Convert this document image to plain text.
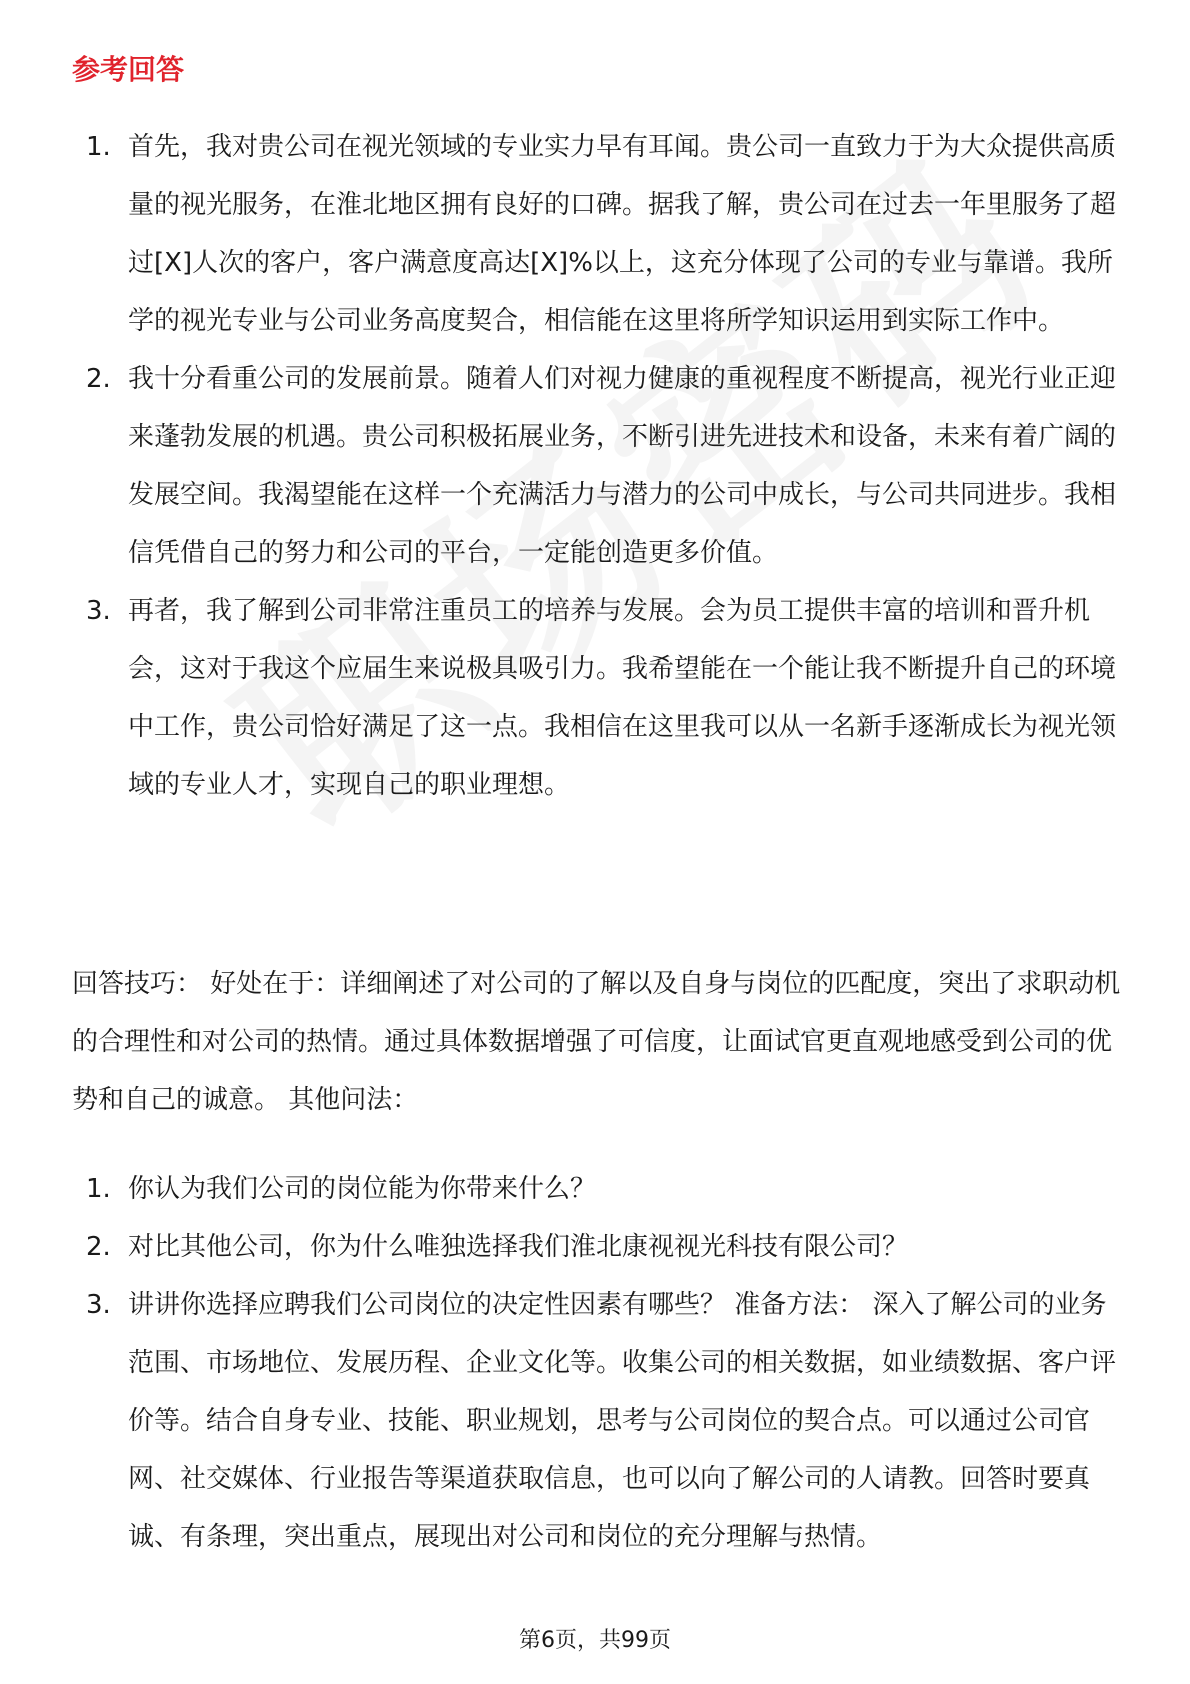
参考回答
1. 首先，我对贵公司在视光领域的专业实力早有耳闻。贵公司一直致力于为大众提供高质量的视光服务，在淮北地区拥有良好的口碑。据我了解，贵公司在过去一年里服务了超过[X]人次的客户，客户满意度高达[X]%以上，这充分体现了公司的专业与靠谱。我所学的视光专业与公司业务高度契合，相信能在这里将所学知识运用到实际工作中。
2. 我十分看重公司的发展前景。随着人们对视力健康的重视程度不断提高，视光行业正迎来蓬勃发展的机遇。贵公司积极拓展业务，不断引进先进技术和设备，未来有着广阔的发展空间。我渴望能在这样一个充满活力与潜力的公司中成长，与公司共同进步。我相信凭借自己的努力和公司的平台，一定能创造更多价值。
3. 再者，我了解到公司非常注重员工的培养与发展。会为员工提供丰富的培训和晋升机会，这对于我这个应届生来说极具吸引力。我希望能在一个能让我不断提升自己的环境中工作，贵公司恰好满足了这一点。我相信在这里我可以从一名新手逐渐成长为视光领域的专业人才，实现自己的职业理想。
回答技巧： 好处在于：详细阐述了对公司的了解以及自身与岗位的匹配度，突出了求职动机的合理性和对公司的热情。通过具体数据增强了可信度，让面试官更直观地感受到公司的优势和自己的诚意。 其他问法：
1. 你认为我们公司的岗位能为你带来什么？
2. 对比其他公司，你为什么唯独选择我们淮北康视视光科技有限公司？
3. 讲讲你选择应聘我们公司岗位的决定性因素有哪些？ 准备方法： 深入了解公司的业务范围、市场地位、发展历程、企业文化等。收集公司的相关数据，如业绩数据、客户评价等。结合自身专业、技能、职业规划，思考与公司岗位的契合点。可以通过公司官网、社交媒体、行业报告等渠道获取信息，也可以向了解公司的人请教。回答时要真诚、有条理，突出重点，展现出对公司和岗位的充分理解与热情。
第6页，共99页
